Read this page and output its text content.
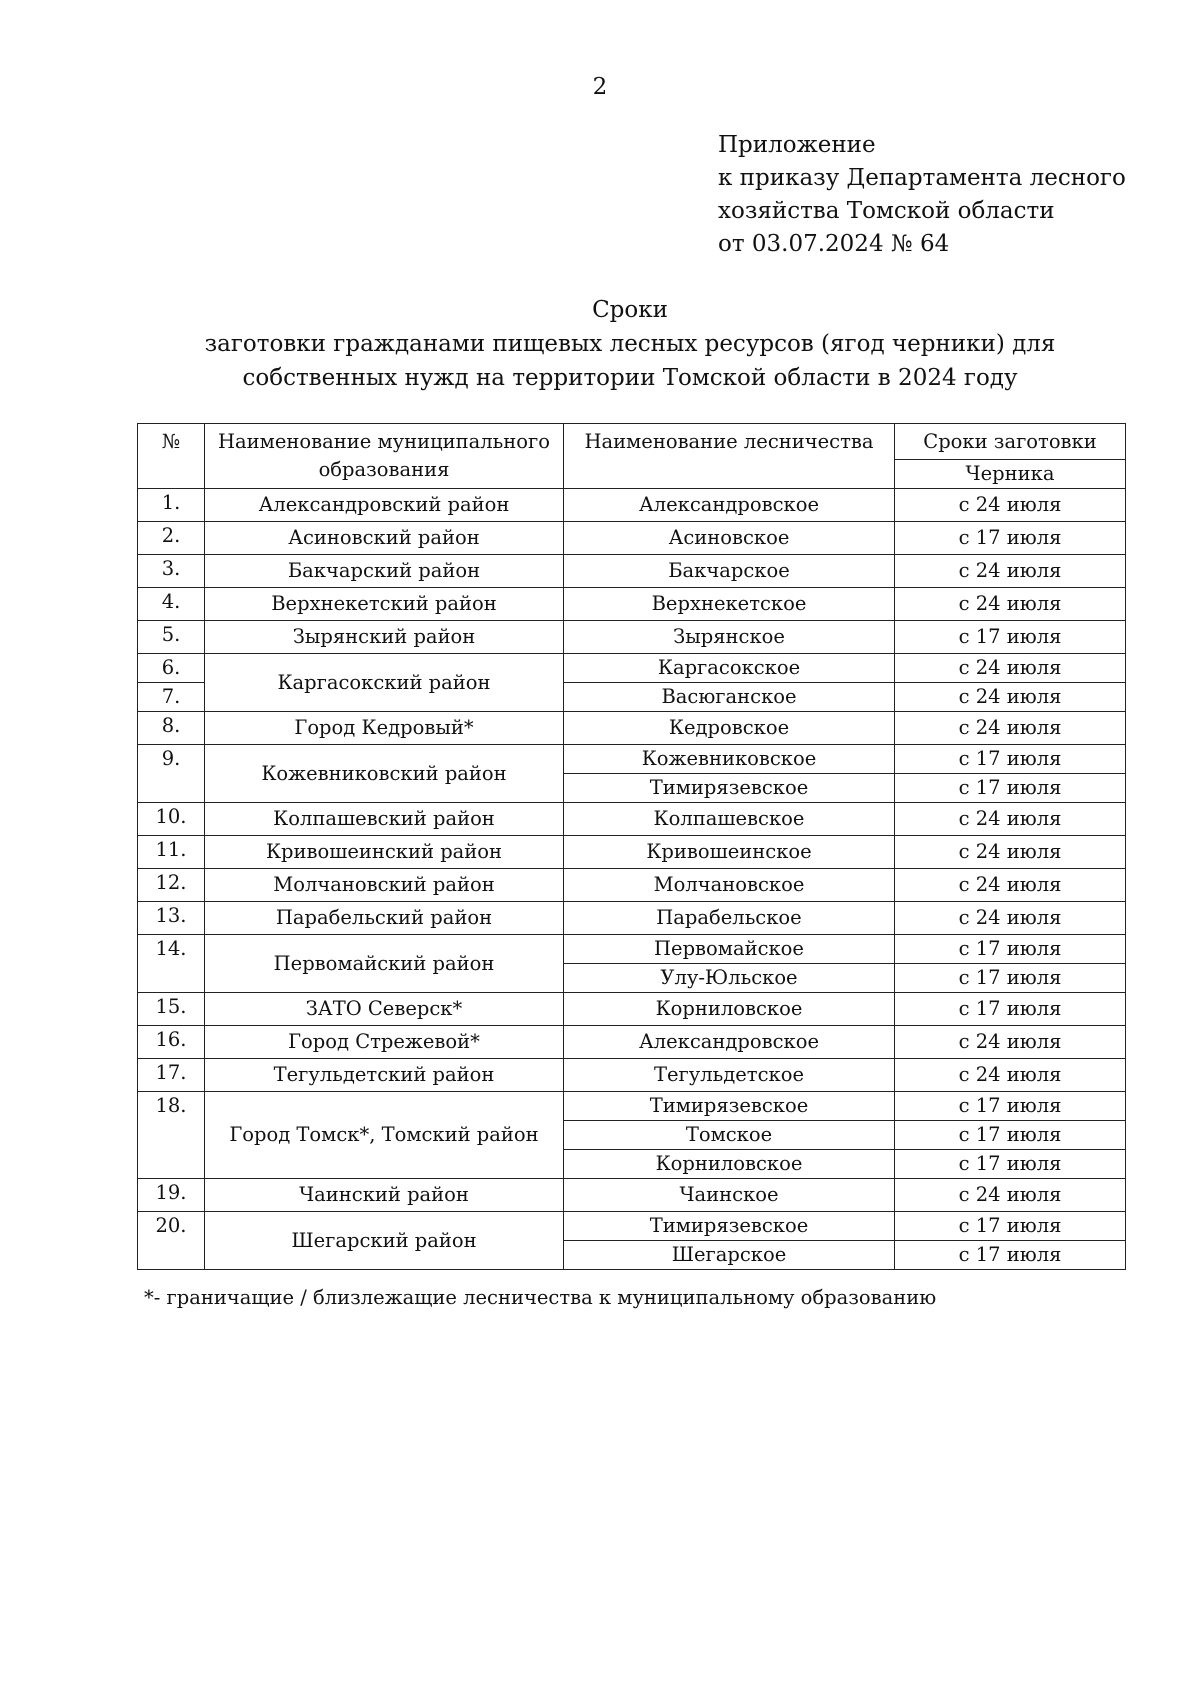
2
Приложение
к приказу Департамента лесного
хозяйства Томской области
от 03.07.2024 № 64
Сроки
заготовки гражданами пищевых лесных ресурсов (ягод черники) для
собственных нужд на территории Томской области в 2024 году
№	Наименование муниципального образования	Наименование лесничества	Сроки заготовки
			Черника
1.	Александровский район	Александровское	с 24 июля
2.	Асиновский район	Асиновское	с 17 июля
3.	Бакчарский район	Бакчарское	с 24 июля
4.	Верхнекетский район	Верхнекетское	с 24 июля
5.	Зырянский район	Зырянское	с 17 июля
6.	Каргасокский район	Каргасокское	с 24 июля
7.		Васюганское	с 24 июля
8.	Город Кедровый*	Кедровское	с 24 июля
9.	Кожевниковский район	Кожевниковское	с 17 июля
		Тимирязевское	с 17 июля
10.	Колпашевский район	Колпашевское	с 24 июля
11.	Кривошеинский район	Кривошеинское	с 24 июля
12.	Молчановский район	Молчановское	с 24 июля
13.	Парабельский район	Парабельское	с 24 июля
14.	Первомайский район	Первомайское	с 17 июля
		Улу-Юльское	с 17 июля
15.	ЗАТО Северск*	Корниловское	с 17 июля
16.	Город Стрежевой*	Александровское	с 24 июля
17.	Тегульдетский район	Тегульдетское	с 24 июля
18.	Город Томск*, Томский район	Тимирязевское	с 17 июля
		Томское	с 17 июля
		Корниловское	с 17 июля
19.	Чаинский район	Чаинское	с 24 июля
20.	Шегарский район	Тимирязевское	с 17 июля
		Шегарское	с 17 июля
*- граничащие / близлежащие лесничества к муниципальному образованию
